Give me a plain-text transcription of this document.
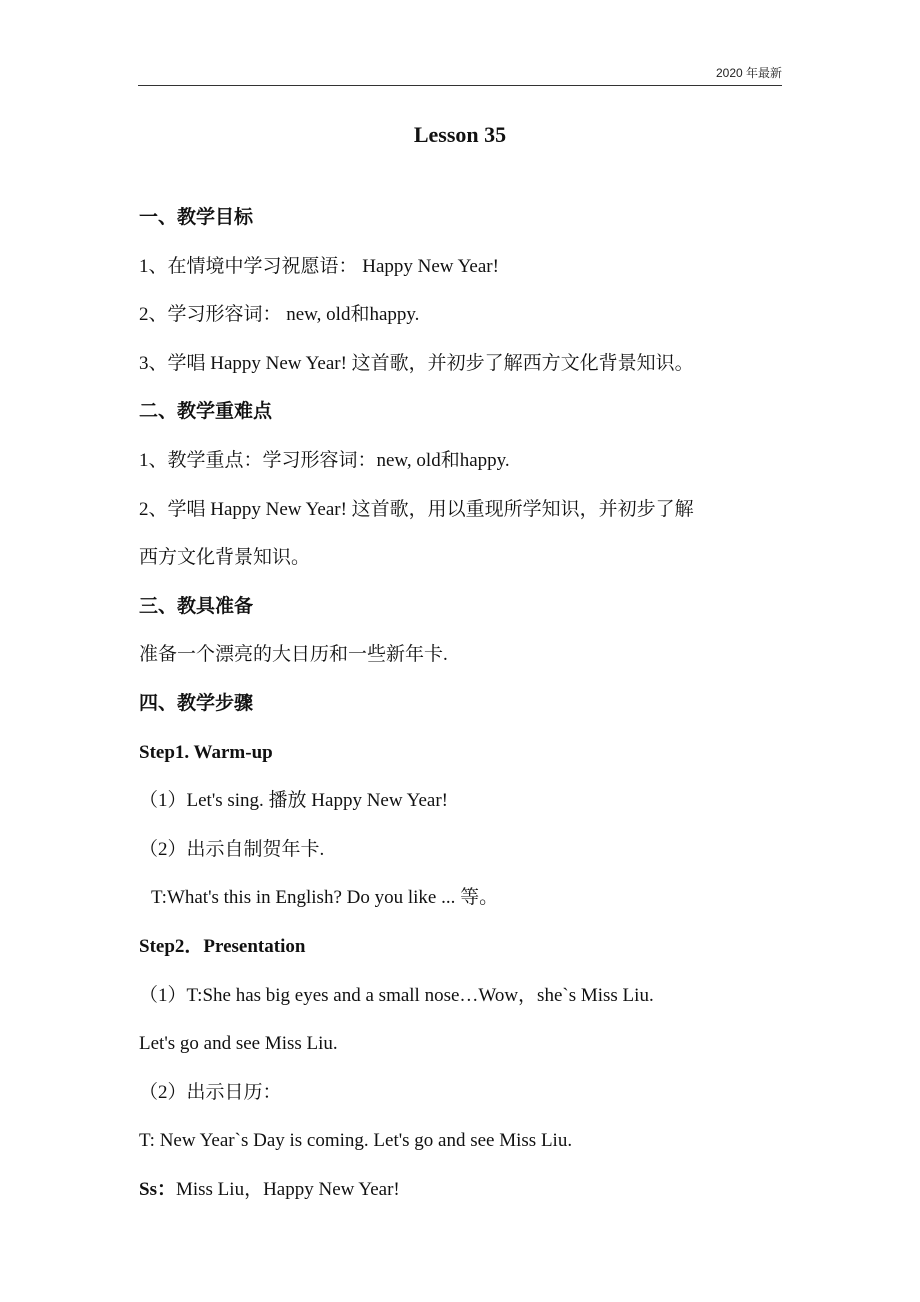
2020 年最新
Lesson 35
一、教学目标
1、在情境中学习祝愿语： Happy New Year!
2、学习形容词： new, old和happy.
3、学唱 Happy New Year! 这首歌，并初步了解西方文化背景知识。
二、教学重难点
1、教学重点：学习形容词：new, old和happy.
2、学唱 Happy New Year! 这首歌，用以重现所学知识，并初步了解
西方文化背景知识。
三、教具准备
准备一个漂亮的大日历和一些新年卡.
四、教学步骤
Step1. Warm-up
（1）Let's sing. 播放 Happy New Year!
（2）出示自制贺年卡.
T:What's this in English? Do you like ... 等。
Step2．Presentation
（1）T:She has big eyes and a small nose…Wow，she`s Miss Liu.
Let's go and see Miss Liu.
（2）出示日历：
T: New Year`s Day is coming. Let's go and see Miss Liu.
Ss：Miss Liu，Happy New Year!
